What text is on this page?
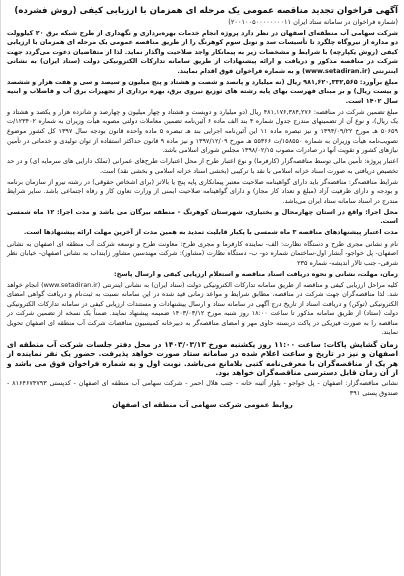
آگهی فراخوان تجدید مناقصه عمومی یک مرحله ای همزمان با ارزیابی کیفی (روش فشرده)
(شماره فراخوان در سامانه ستاد ایران ۲۰۰۱۰۰۵۰۰۰۰۰۰۰۰۱۱)

شرکت سهامی آب منطقه‌ای اصفهان در نظر دارد پروژه انجام خدمات بهره‌برداری و نگهداری از طرح شبکه برق ۲۰ کیلوولت دو مداره از نیروگاه چلگرد تا تأسیسات سد و تونل سوم کوهرنگ را از طریق مناقصه عمومی یک مرحله ای همزمان با ارزیابی کیفی (روش یکپارچه) با شرایط و مشخصات زیر به پیمانکار واجد صلاحیت واگذار نماید. لذا از متقاضیان دعوت می‌گردد جهت شرکت در مناقصه مذکور و دریافت و ارائه پیشنهادات از طریق سامانه تدارکات الکترونیکی دولت (ستاد ایران) به نشانی اینترنتی (www.setadiran.ir) و به شماره فراخوان فوق اقدام نمایند.

مبلغ برآورد: ۹۸۱,۶۲۰,۳۳۲,۵۶۵ ریال (نه میلیارد و پانصد و شصت و هشتاد و پنج میلیون و سیصد و سی و هفت هزار و ششصد و بیست ریال) و بر مبنای فهرست بهای پایه رشته های توزیع نیروی برق، بهره برداری از تجهیزات برق آب و فاضلاب و ابنیه سال ۱۴۰۲ است.

مبلغ تضمین شرکت در مناقصه: ۴۸۱,۱۷۶,۳۸۴,۲۷۶ ریال (دو میلیارد و دویست و هشتاد و چهار میلیون و چهارصد و شانزده هزار و یکصد و هشتاد و یک ریال)، و نوع آن از تضمینهای مندرج جدول شماره ۴ بند الف ماده ۶ آئین‌نامه تضمین معاملات دولتی مصوبه هیأت وزیران به شماره ۱۲۳۴۰۲/ت ۵۰۶۵۹ هـ مورخ ۱۳۹۴/۰۹/۲۲ و نیز تبصره ماده ۱۱ این آئین‌نامه اجرایی بند هـ تبصره ۵ ماده واحده قانون بودجه سال ۱۳۹۷ کل کشور موضوع تصویب‌نامه هیأت وزیران به شماره ۱۵۸۵۵۰/ت ۵۵۳۶۶ هـ مورخ ۱۳۹۷/۱۲/۰۹ و نیز ماده ۹ قانون حداکثر استفاده از توان تولیدی و خدماتی در تأمین نیازهای کشور و تقویت آنها در صادرات مصوب ۱۳۹۸/۰۲/۱۵ مجلس شورای اسلامی باشد.

اعتبار پروژه: تأمین مالی توسط مناقصه‌گزار (کارفرما) و نوع اعتبار طرح از محل اعتبارات طرح‌های عمرانی (تملک دارایی های سرمایه ای) و در حد تخصیص دریافتی به صورت اسناد خزانه اسلامی با نقد یا ترکیبی (بخشی اسناد خزانه اسلامی و بخشی نقد) است.

شرایط مناقصه‌گر: مناقصه‌گر باید دارای گواهینامه صلاحیت معتبر پیمانکاری پایه پنج یا بالاتر (برای اشخاص حقوقی) در رشته نیرو از سازمان برنامه و بودجه و دارای ظرفیت آزاد (مبلغ و تعداد کار مجاز) و دارای گواهینامه صلاحیت ایمنی از وزارت تعاون کار و رفاه اجتماعی باشد. سایر شرایط مندرج در اسناد سامانه ستاد ایران می‌باشد.

محل اجرا: واقع در استان چهارمحال و بختیاری، شهرستان کوهرنگ - منطقه بیرگان می باشد و مدت اجرا: ۱۲ ماه شمسی است.

مدت اعتبار پیشنهادهای مناقصه ۳ ماه شمسی با یکبار قابلیت تمدید به همین مدت از آخرین مهلت ارائه پیشنهادها است.

نام و نشانی مجری طرح و دستگاه نظارت: الف- نماینده کارفرما و مجری طرح: معاونت طرح و توسعه شرکت آب منطقه ای اصفهان به نشانی اصفهان- پل خواجو- آبشار اول-ساختمان شماره دو- ب- دستگاه نظارت (مشاور): شرکت مهندسین مشاور زاینداب به نشانی اصفهان- خیابان نظر شرقی- جنب تالار اندیشه- شماره ۲۳۵

زمان، مهلت، نشانی و نحوه دریافت اسناد مناقصه و استعلام ارزیابی کیفی و ارسال پاسخ:

کلیه مراحل ارزیابی کیفی و مناقصه از طریق سامانه تدارکات الکترونیکی دولت (ستاد ایران) به نشانی اینترنتی (www.setadiran.ir) انجام خواهد شد. لذا مناقصه‌گران جهت شرکت در مناقصه، مطابق شرایط و مواعد زمانی قید شده در این سامانه نسبت به ثبت‌نام و دریافت گواهی امضای الکترونیکی (توکن) و دریافت اسناد از تاریخ درج آگهی در سامانه ستاد و ارسال پیشنهادات و مستندات ارزیابی کیفی در سامانه تدارکات الکترونیکی دولت (ستاد) از طریق سامانه مذکور تا ساعت ۱۸:۰۰ روز شنبه مورخ ۱۴۰۳/۰۳/۱۲ ضمیمه پیشنهاد نمایند. ضمناً یک نسخه از تضمین شرکت در مناقصه را به صورت فیزیکی در پاکت دربسته حاوی مهر و امضای مناقصه‌گر به دبیرخانه کمیسیون مناقصات شرکت آب منطقه ای اصفهان تحویل نمایند.

زمان گشایش پاکات: ساعت ۱۱:۰۰ روز یکشنبه مورخ ۱۴۰۳/۰۳/۱۳ در محل دفتر جلسات شرکت آب منطقه ای اصفهان و نیز در تاریخ و ساعت اعلام شده در سامانه ستاد صورت خواهد پذیرفت. حضور یک نفر نماینده از هر یک از مناقصه‌گران با معرفی‌نامه کتبی بلامانع می‌باشد. نوبت اول و به شماره فراخوان فوق می باشد و از آن زمان قابل دسترسی مناقصه‌گران خواهد بود.

نشانی مناقصه‌گزار: اصفهان - پل خواجو - بلوار آئینه خانه - جنب هلال احمر - شرکت سهامی آب منطقه ای اصفهان - کدپستی ۸۱۶۴۶۷۴۷۹۳ - صندوق پستی ۳۹۱

روابط عمومی شرکت سهامی آب منطقه ای اصفهان
